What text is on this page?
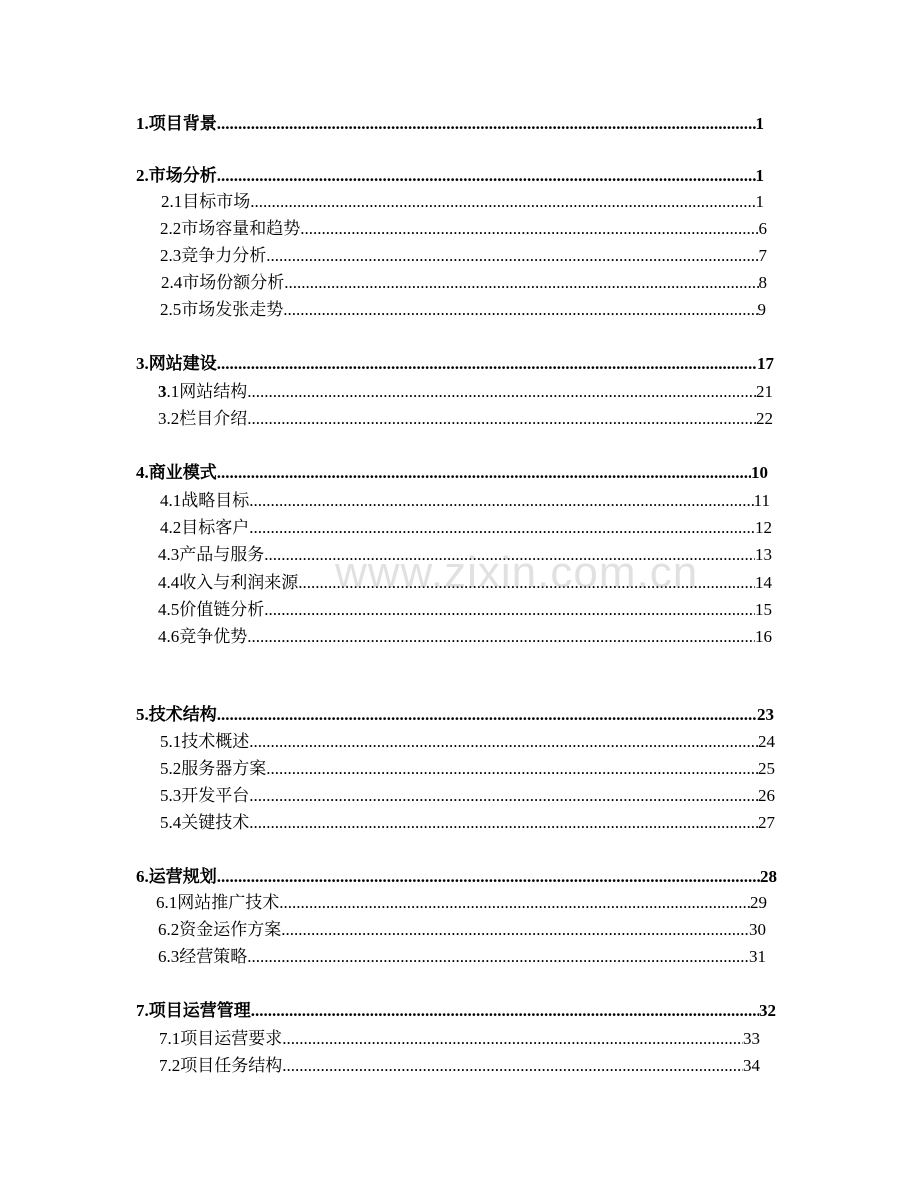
1.项目背景 .....	1
2.市场分析 .....	1
2.1目标市场 .....	1
2.2市场容量和趋势 .....	6
2.3竞争力分析 .....	7
2.4市场份额分析 .....	8
2.5市场发张走势 .....	9
3.网站建设 .....	17
3.1网站结构 .....	21
3.2栏目介绍 .....	22
4.商业模式 .....	10
4.1战略目标 .....	11
4.2目标客户 .....	12
4.3产品与服务 .....	13
4.4收入与利润来源 .....	14
4.5价值链分析 .....	15
4.6竞争优势 .....	16
5.技术结构 .....	23
5.1技术概述 .....	24
5.2服务器方案 .....	25
5.3开发平台 .....	26
5.4关键技术 .....	27
6.运营规划 .....	28
6.1网站推广技术 .....	29
6.2资金运作方案 .....	30
6.3经营策略 .....	31
7.项目运营管理 .....	32
7.1项目运营要求 .....	33
7.2项目任务结构 .....	34
www.zixin.com.cn
